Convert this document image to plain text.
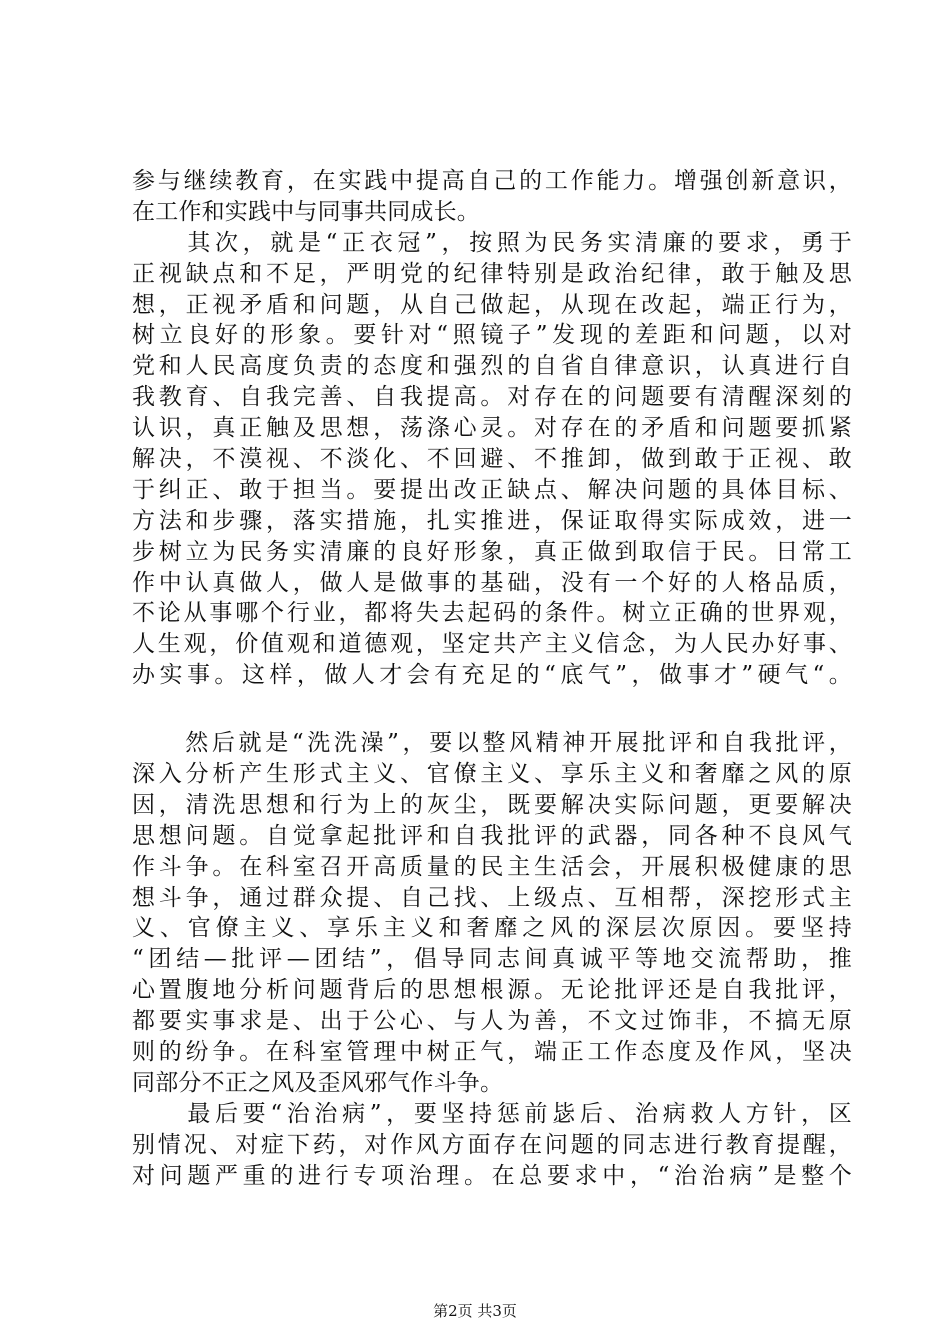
参与继续教育，在实践中提高自己的工作能力。增强创新意识，
在工作和实践中与同事共同成长。
　　其次，就是“正衣冠”，按照为民务实清廉的要求，勇于
正视缺点和不足，严明党的纪律特别是政治纪律，敢于触及思
想，正视矛盾和问题，从自己做起，从现在改起，端正行为，
树立良好的形象。要针对“照镜子”发现的差距和问题，以对
党和人民高度负责的态度和强烈的自省自律意识，认真进行自
我教育、自我完善、自我提高。对存在的问题要有清醒深刻的
认识，真正触及思想，荡涤心灵。对存在的矛盾和问题要抓紧
解决，不漠视、不淡化、不回避、不推卸，做到敢于正视、敢
于纠正、敢于担当。要提出改正缺点、解决问题的具体目标、
方法和步骤，落实措施，扎实推进，保证取得实际成效，进一
步树立为民务实清廉的良好形象，真正做到取信于民。日常工
作中认真做人，做人是做事的基础，没有一个好的人格品质，
不论从事哪个行业，都将失去起码的条件。树立正确的世界观，
人生观，价值观和道德观，坚定共产主义信念，为人民办好事、
办实事。这样，做人才会有充足的“底气”，做事才”硬气“。
　　然后就是“洗洗澡”，要以整风精神开展批评和自我批评，
深入分析产生形式主义、官僚主义、享乐主义和奢靡之风的原
因，清洗思想和行为上的灰尘，既要解决实际问题，更要解决
思想问题。自觉拿起批评和自我批评的武器，同各种不良风气
作斗争。在科室召开高质量的民主生活会，开展积极健康的思
想斗争，通过群众提、自己找、上级点、互相帮，深挖形式主
义、官僚主义、享乐主义和奢靡之风的深层次原因。要坚持
“团结—批评—团结”，倡导同志间真诚平等地交流帮助，推
心置腹地分析问题背后的思想根源。无论批评还是自我批评，
都要实事求是、出于公心、与人为善，不文过饰非，不搞无原
则的纷争。在科室管理中树正气，端正工作态度及作风，坚决
同部分不正之风及歪风邪气作斗争。
　　最后要“治治病”，要坚持惩前毖后、治病救人方针，区
别情况、对症下药，对作风方面存在问题的同志进行教育提醒，
对问题严重的进行专项治理。在总要求中，“治治病”是整个
第2页 共3页
